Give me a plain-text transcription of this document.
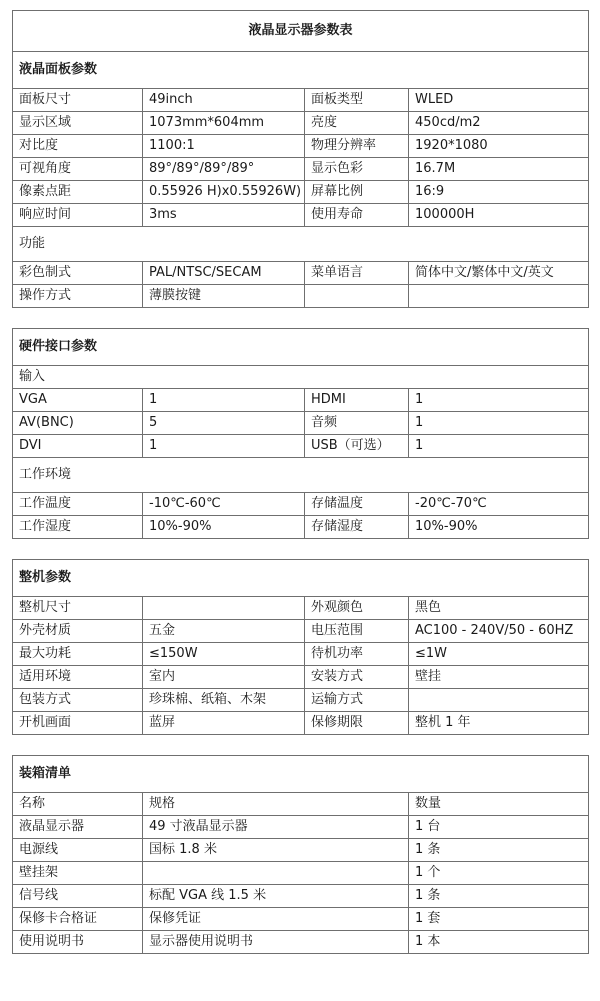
液晶显示器参数表			
液晶面板参数			
面板尺寸	49inch	面板类型	WLED
显示区域	1073mm*604mm	亮度	450cd/m2
对比度	1100:1	物理分辨率	1920*1080
可视角度	89°/89°/89°/89°	显示色彩	16.7M
像素点距	0.55926 H)x0.55926W)	屏幕比例	16:9
响应时间	3ms	使用寿命	100000H
功能			
彩色制式	PAL/NTSC/SECAM	菜单语言	简体中文/繁体中文/英文
操作方式	薄膜按键		
硬件接口参数			
输入			
VGA	1	HDMI	1
AV(BNC)	5	音频	1
DVI	1	USB（可选）	1
工作环境			
工作温度	-10℃-60℃	存储温度	-20℃-70℃
工作湿度	10%-90%	存储湿度	10%-90%
整机参数			
整机尺寸		外观颜色	黑色
外壳材质	五金	电压范围	AC100 - 240V/50 - 60HZ
最大功耗	≤150W	待机功率	≤1W
适用环境	室内	安装方式	壁挂
包装方式	珍珠棉、纸箱、木架	运输方式	
开机画面	蓝屏	保修期限	整机 1 年
装箱清单		
名称	规格	数量
液晶显示器	49 寸液晶显示器	1 台
电源线	国标 1.8 米	1 条
壁挂架		1 个
信号线	标配 VGA 线 1.5 米	1 条
保修卡合格证	保修凭证	1 套
使用说明书	显示器使用说明书	1 本
